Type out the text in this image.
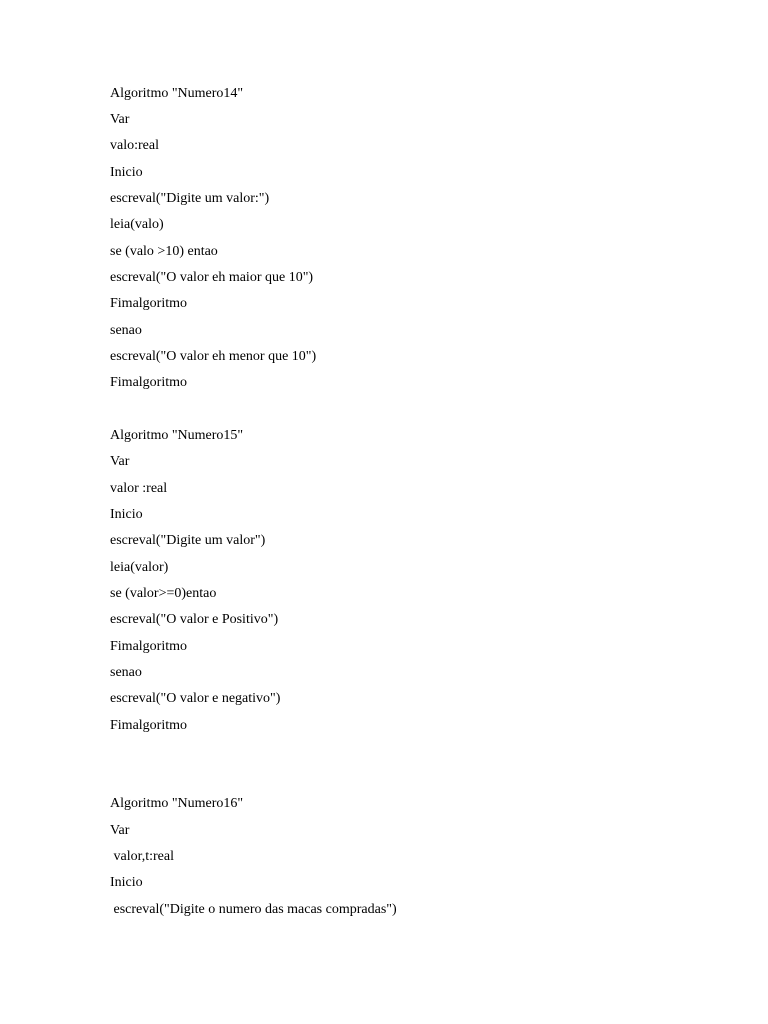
Algoritmo "Numero14"
Var
valo:real
Inicio
escreval("Digite um valor:")
leia(valo)
se (valo >10) entao
escreval("O valor eh maior que 10")
Fimalgoritmo
senao
escreval("O valor eh menor que 10")
Fimalgoritmo
Algoritmo "Numero15"
Var
valor :real
Inicio
escreval("Digite um valor")
leia(valor)
se (valor>=0)entao
escreval("O valor e Positivo")
Fimalgoritmo
senao
escreval("O valor e negativo")
Fimalgoritmo
Algoritmo "Numero16"
Var
valor,t:real
Inicio
escreval("Digite o numero das macas compradas")
